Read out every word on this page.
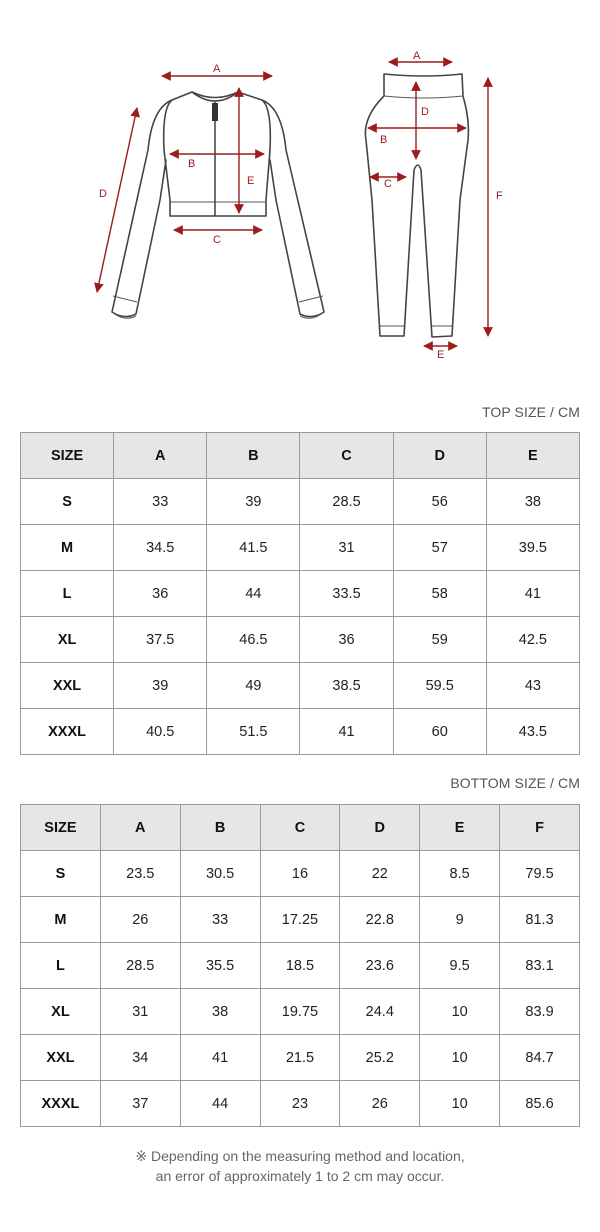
A
B
C
D
E
A
B
C
D
E
F
TOP SIZE / CM
SIZE	A	B	C	D	E
S	33	39	28.5	56	38
M	34.5	41.5	31	57	39.5
L	36	44	33.5	58	41
XL	37.5	46.5	36	59	42.5
XXL	39	49	38.5	59.5	43
XXXL	40.5	51.5	41	60	43.5
BOTTOM SIZE / CM
SIZE	A	B	C	D	E	F
S	23.5	30.5	16	22	8.5	79.5
M	26	33	17.25	22.8	9	81.3
L	28.5	35.5	18.5	23.6	9.5	83.1
XL	31	38	19.75	24.4	10	83.9
XXL	34	41	21.5	25.2	10	84.7
XXXL	37	44	23	26	10	85.6
※ Depending on the measuring method and location,
an error of approximately 1 to 2 cm may occur.
